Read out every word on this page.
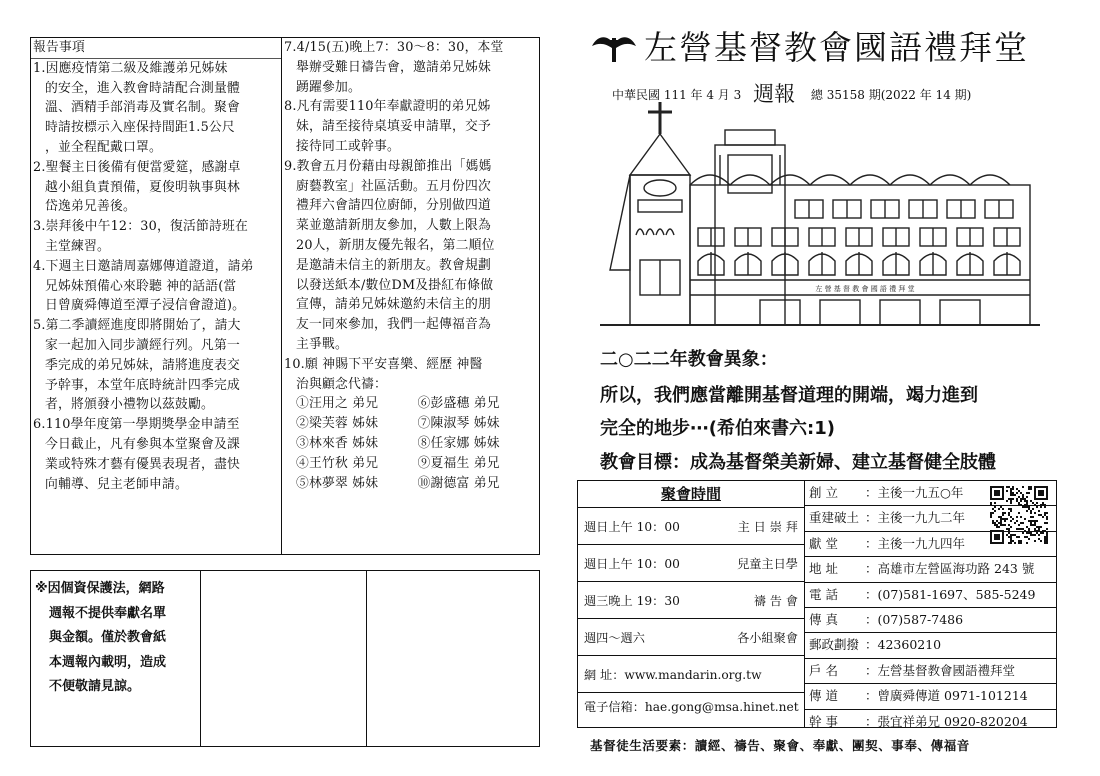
報告事項
1.因應疫情第二級及維護弟兄姊妹
的安全，進入教會時請配合測量體
溫、酒精手部消毒及實名制。聚會
時請按標示入座保持間距1.5公尺
，並全程配戴口罩。
2.聖餐主日後備有便當愛筵，感謝卓
越小組負責預備，夏俊明執事與林
岱逸弟兄善後。
3.崇拜後中午12：30，復活節詩班在
主堂練習。
4.下週主日邀請周嘉娜傳道證道，請弟
兄姊妹預備心來聆聽 神的話語(當
日曾廣舜傳道至潭子浸信會證道)。
5.第二季讀經進度即將開始了，請大
家一起加入同步讀經行列。凡第一
季完成的弟兄姊妹，請將進度表交
予幹事，本堂年底時統計四季完成
者，將頒發小禮物以茲鼓勵。
6.110學年度第一學期獎學金申請至
今日截止，凡有參與本堂聚會及課
業或特殊才藝有優異表現者，盡快
向輔導、兒主老師申請。
7.4/15(五)晚上7：30～8：30，本堂
舉辦受難日禱告會，邀請弟兄姊妹
踴躍參加。
8.凡有需要110年奉獻證明的弟兄姊
妹，請至接待桌填妥申請單，交予
接待同工或幹事。
9.教會五月份藉由母親節推出「媽媽
廚藝教室」社區活動。五月份四次
禮拜六會請四位廚師，分別做四道
菜並邀請新朋友參加，人數上限為
20人，新朋友優先報名，第二順位
是邀請未信主的新朋友。教會規劃
以發送紙本/數位DM及掛紅布條做
宣傳，請弟兄姊妹邀約未信主的朋
友一同來參加，我們一起傳福音為
主爭戰。
10.願 神賜下平安喜樂、經歷 神醫
治與顧念代禱：
①汪用之 弟兄	⑥彭盛穗 弟兄
②梁芙蓉 姊妹	⑦陳淑琴 姊妹
③林來香 姊妹	⑧任家娜 姊妹
④王竹秋 弟兄	⑨夏福生 弟兄
⑤林夢翠 姊妹	⑩謝德富 弟兄
※因個資保護法，網路
週報不提供奉獻名單
與金額。僅於教會紙
本週報內載明，造成
不便敬請見諒。
左營基督教會國語禮拜堂
中華民國 111 年 4 月 3 週報 總 35158 期(2022 年 14 期)
左 營 基 督 教 會 國 語 禮 拜 堂
二○二二年教會異象：
所以，我們應當離開基督道理的開端，竭力進到
完全的地步‧‧‧(希伯來書六:1)
教會目標：成為基督榮美新婦、建立基督健全肢體
聚會時間
週日上午 10：00	主 日 崇 拜
週日上午 10：00	兒童主日學
週三晚上 19：30	禱 告 會
週四～週六	各小組聚會
網 址：www.mandarin.org.tw
電子信箱：hae.gong@msa.hinet.net
創 立 ：主後一九五○年
重建破土 ：主後一九九二年
獻 堂 ：主後一九九四年
地 址 ：高雄市左營區海功路 243 號
電 話 ：(07)581-1697、585-5249
傳 真 ：(07)587-7486
郵政劃撥 ：42360210
戶 名 ：左營基督教會國語禮拜堂
傳 道 ：曾廣舜傳道 0971-101214
幹 事 ：張宜祥弟兄 0920-820204
基督徒生活要素：讀經、禱告、聚會、奉獻、團契、事奉、傳福音
